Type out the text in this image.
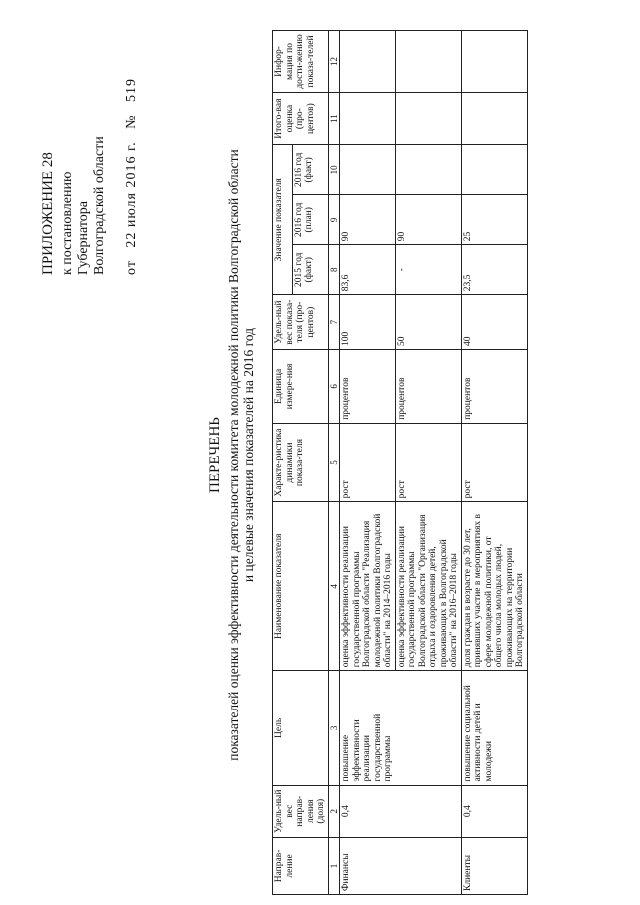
ПРИЛОЖЕНИЕ 28 к постановлению Губернатора Волгоградской области от 22 июля 2016 г. № 519
ПЕРЕЧЕНЬ показателей оценки эффективности деятельности комитета молодежной политики Волгоградской области и целевые значения показателей на 2016 год
Направ-ление	Удель-ный вес направ-ления (доля)	Цель	Наименование показателя	Характе-ристика динамики показа-теля	Единица измере-ния	Удель-ный вес показа-теля (про-центов)	Значение показателя			Итого-вая оценка (про-центов)	Инфор-мация по дости-жению показа-телей
							2015 год (факт)	2016 год (план)	2016 год (факт)		
1	2	3	4	5	6	7	8	9	10	11	12
Финансы	0,4	повышение эффективности реализации государственной программы	оценка эффективности реализации государственной программы Волгоградской области "Реализация молодежной политики Волгоградской области" на 2014–2016 годы	рост	процентов	100	83,6	90			
			оценка эффективности реализации государственной программы Волгоградской области "Организация отдыха и оздоровления детей, проживающих в Волгоградской области" на 2016–2018 годы	рост	процентов	50	-	90			
Клиенты	0,4	повышение социальной активности детей и молодежи	доля граждан в возрасте до 30 лет, принявших участие в мероприятиях в сфере молодежной политики, от общего числа молодых людей, проживающих на территории Волгоградской области	рост	процентов	40	23,5	25			
